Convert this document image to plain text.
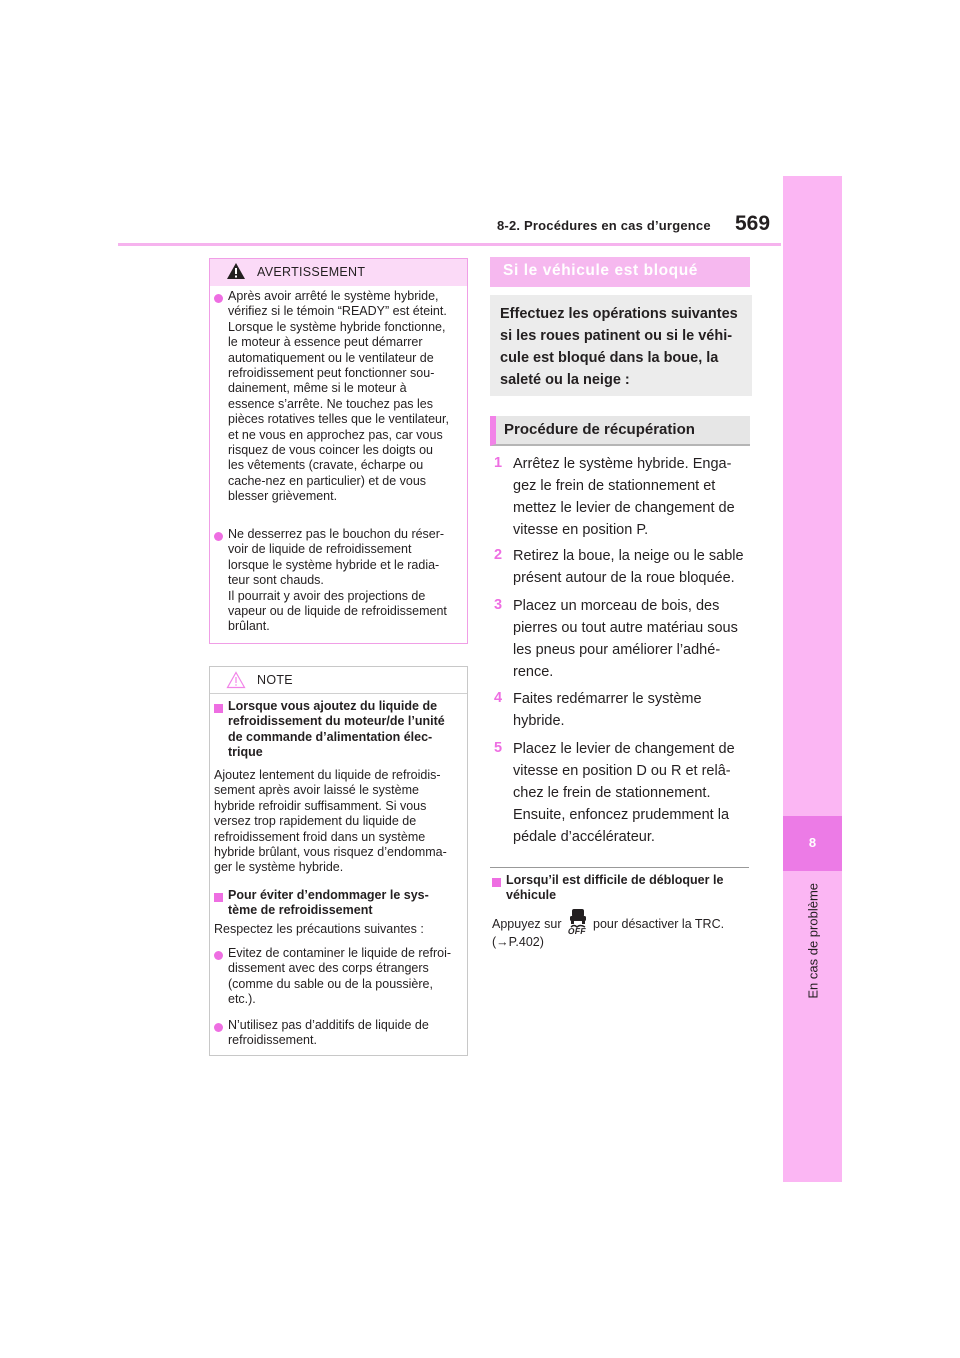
8-2. Procédures en cas d’urgence 569
8
En cas de problème
AVERTISSEMENT
Après avoir arrêté le système hybride,
vérifiez si le témoin “READY” est éteint.
Lorsque le système hybride fonctionne,
le moteur à essence peut démarrer
automatiquement ou le ventilateur de
refroidissement peut fonctionner sou-
dainement, même si le moteur à
essence s’arrête. Ne touchez pas les
pièces rotatives telles que le ventilateur,
et ne vous en approchez pas, car vous
risquez de vous coincer les doigts ou
les vêtements (cravate, écharpe ou
cache-nez en particulier) et de vous
blesser grièvement.
Ne desserrez pas le bouchon du réser-
voir de liquide de refroidissement
lorsque le système hybride et le radia-
teur sont chauds.
Il pourrait y avoir des projections de
vapeur ou de liquide de refroidissement
brûlant.
NOTE
Lorsque vous ajoutez du liquide de
refroidissement du moteur/de l’unité
de commande d’alimentation élec-
trique
Ajoutez lentement du liquide de refroidis-
sement après avoir laissé le système
hybride refroidir suffisamment. Si vous
versez trop rapidement du liquide de
refroidissement froid dans un système
hybride brûlant, vous risquez d’endomma-
ger le système hybride.
Pour éviter d’endommager le sys-
tème de refroidissement
Respectez les précautions suivantes :
Evitez de contaminer le liquide de refroi-
dissement avec des corps étrangers
(comme du sable ou de la poussière,
etc.).
N’utilisez pas d’additifs de liquide de
refroidissement.
Si le véhicule est bloqué
Effectuez les opérations suivantes
si les roues patinent ou si le véhi-
cule est bloqué dans la boue, la
saleté ou la neige :
Procédure de récupération
1 Arrêtez le système hybride. Enga-
gez le frein de stationnement et
mettez le levier de changement de
vitesse en position P.
2 Retirez la boue, la neige ou le sable
présent autour de la roue bloquée.
3 Placez un morceau de bois, des
pierres ou tout autre matériau sous
les pneus pour améliorer l’adhé-
rence.
4 Faites redémarrer le système
hybride.
5 Placez le levier de changement de
vitesse en position D ou R et relâ-
chez le frein de stationnement.
Ensuite, enfoncez prudemment la
pédale d’accélérateur.
Lorsqu’il est difficile de débloquer le
véhicule
Appuyez sur OFF pour désactiver la TRC.
(→P.402)
